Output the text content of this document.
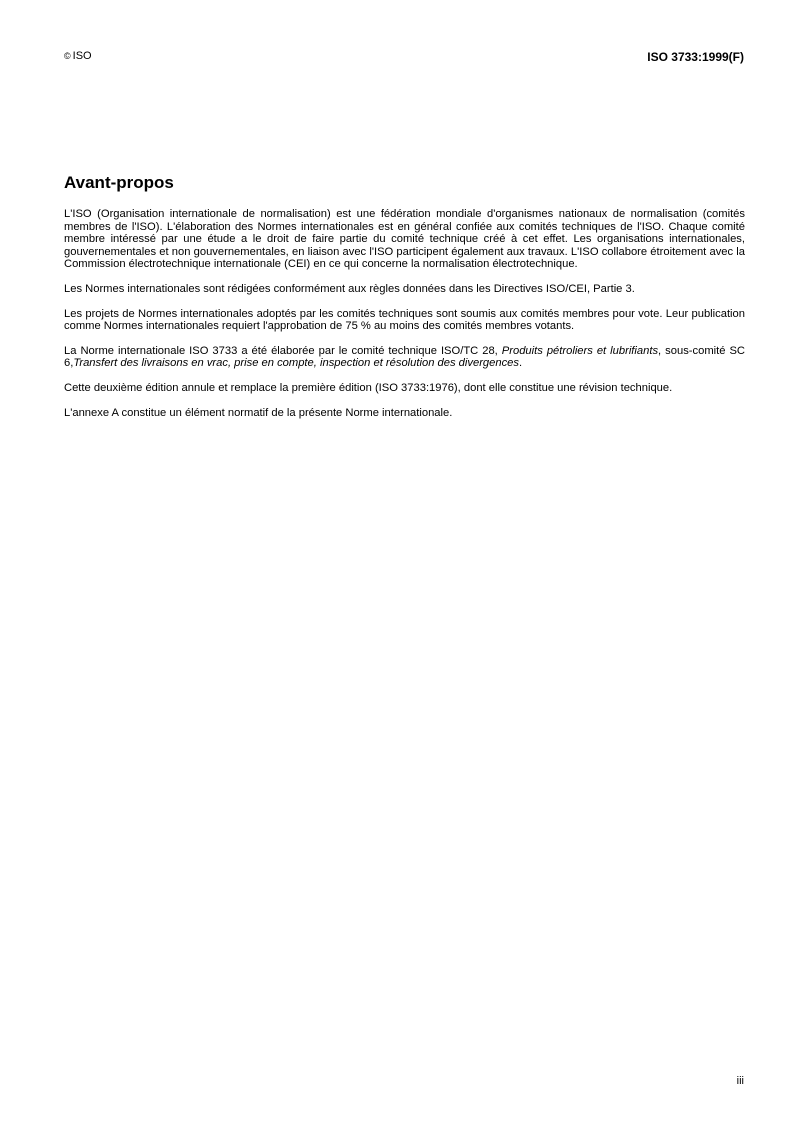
© ISO	ISO 3733:1999(F)
Avant-propos

L'ISO (Organisation internationale de normalisation) est une fédération mondiale d'organismes nationaux de normalisation (comités membres de l'ISO). L'élaboration des Normes internationales est en général confiée aux comités techniques de l'ISO. Chaque comité membre intéressé par une étude a le droit de faire partie du comité technique créé à cet effet. Les organisations internationales, gouvernementales et non gouvernementales, en liaison avec l'ISO participent également aux travaux. L'ISO collabore étroitement avec la Commission électrotechnique internationale (CEI) en ce qui concerne la normalisation électrotechnique.

Les Normes internationales sont rédigées conformément aux règles données dans les Directives ISO/CEI, Partie 3.

Les projets de Normes internationales adoptés par les comités techniques sont soumis aux comités membres pour vote. Leur publication comme Normes internationales requiert l'approbation de 75 % au moins des comités membres votants.

La Norme internationale ISO 3733 a été élaborée par le comité technique ISO/TC 28, Produits pétroliers et lubrifiants, sous-comité SC 6,Transfert des livraisons en vrac, prise en compte, inspection et résolution des divergences.

Cette deuxième édition annule et remplace la première édition (ISO 3733:1976), dont elle constitue une révision technique.

L'annexe A constitue un élément normatif de la présente Norme internationale.

iii
